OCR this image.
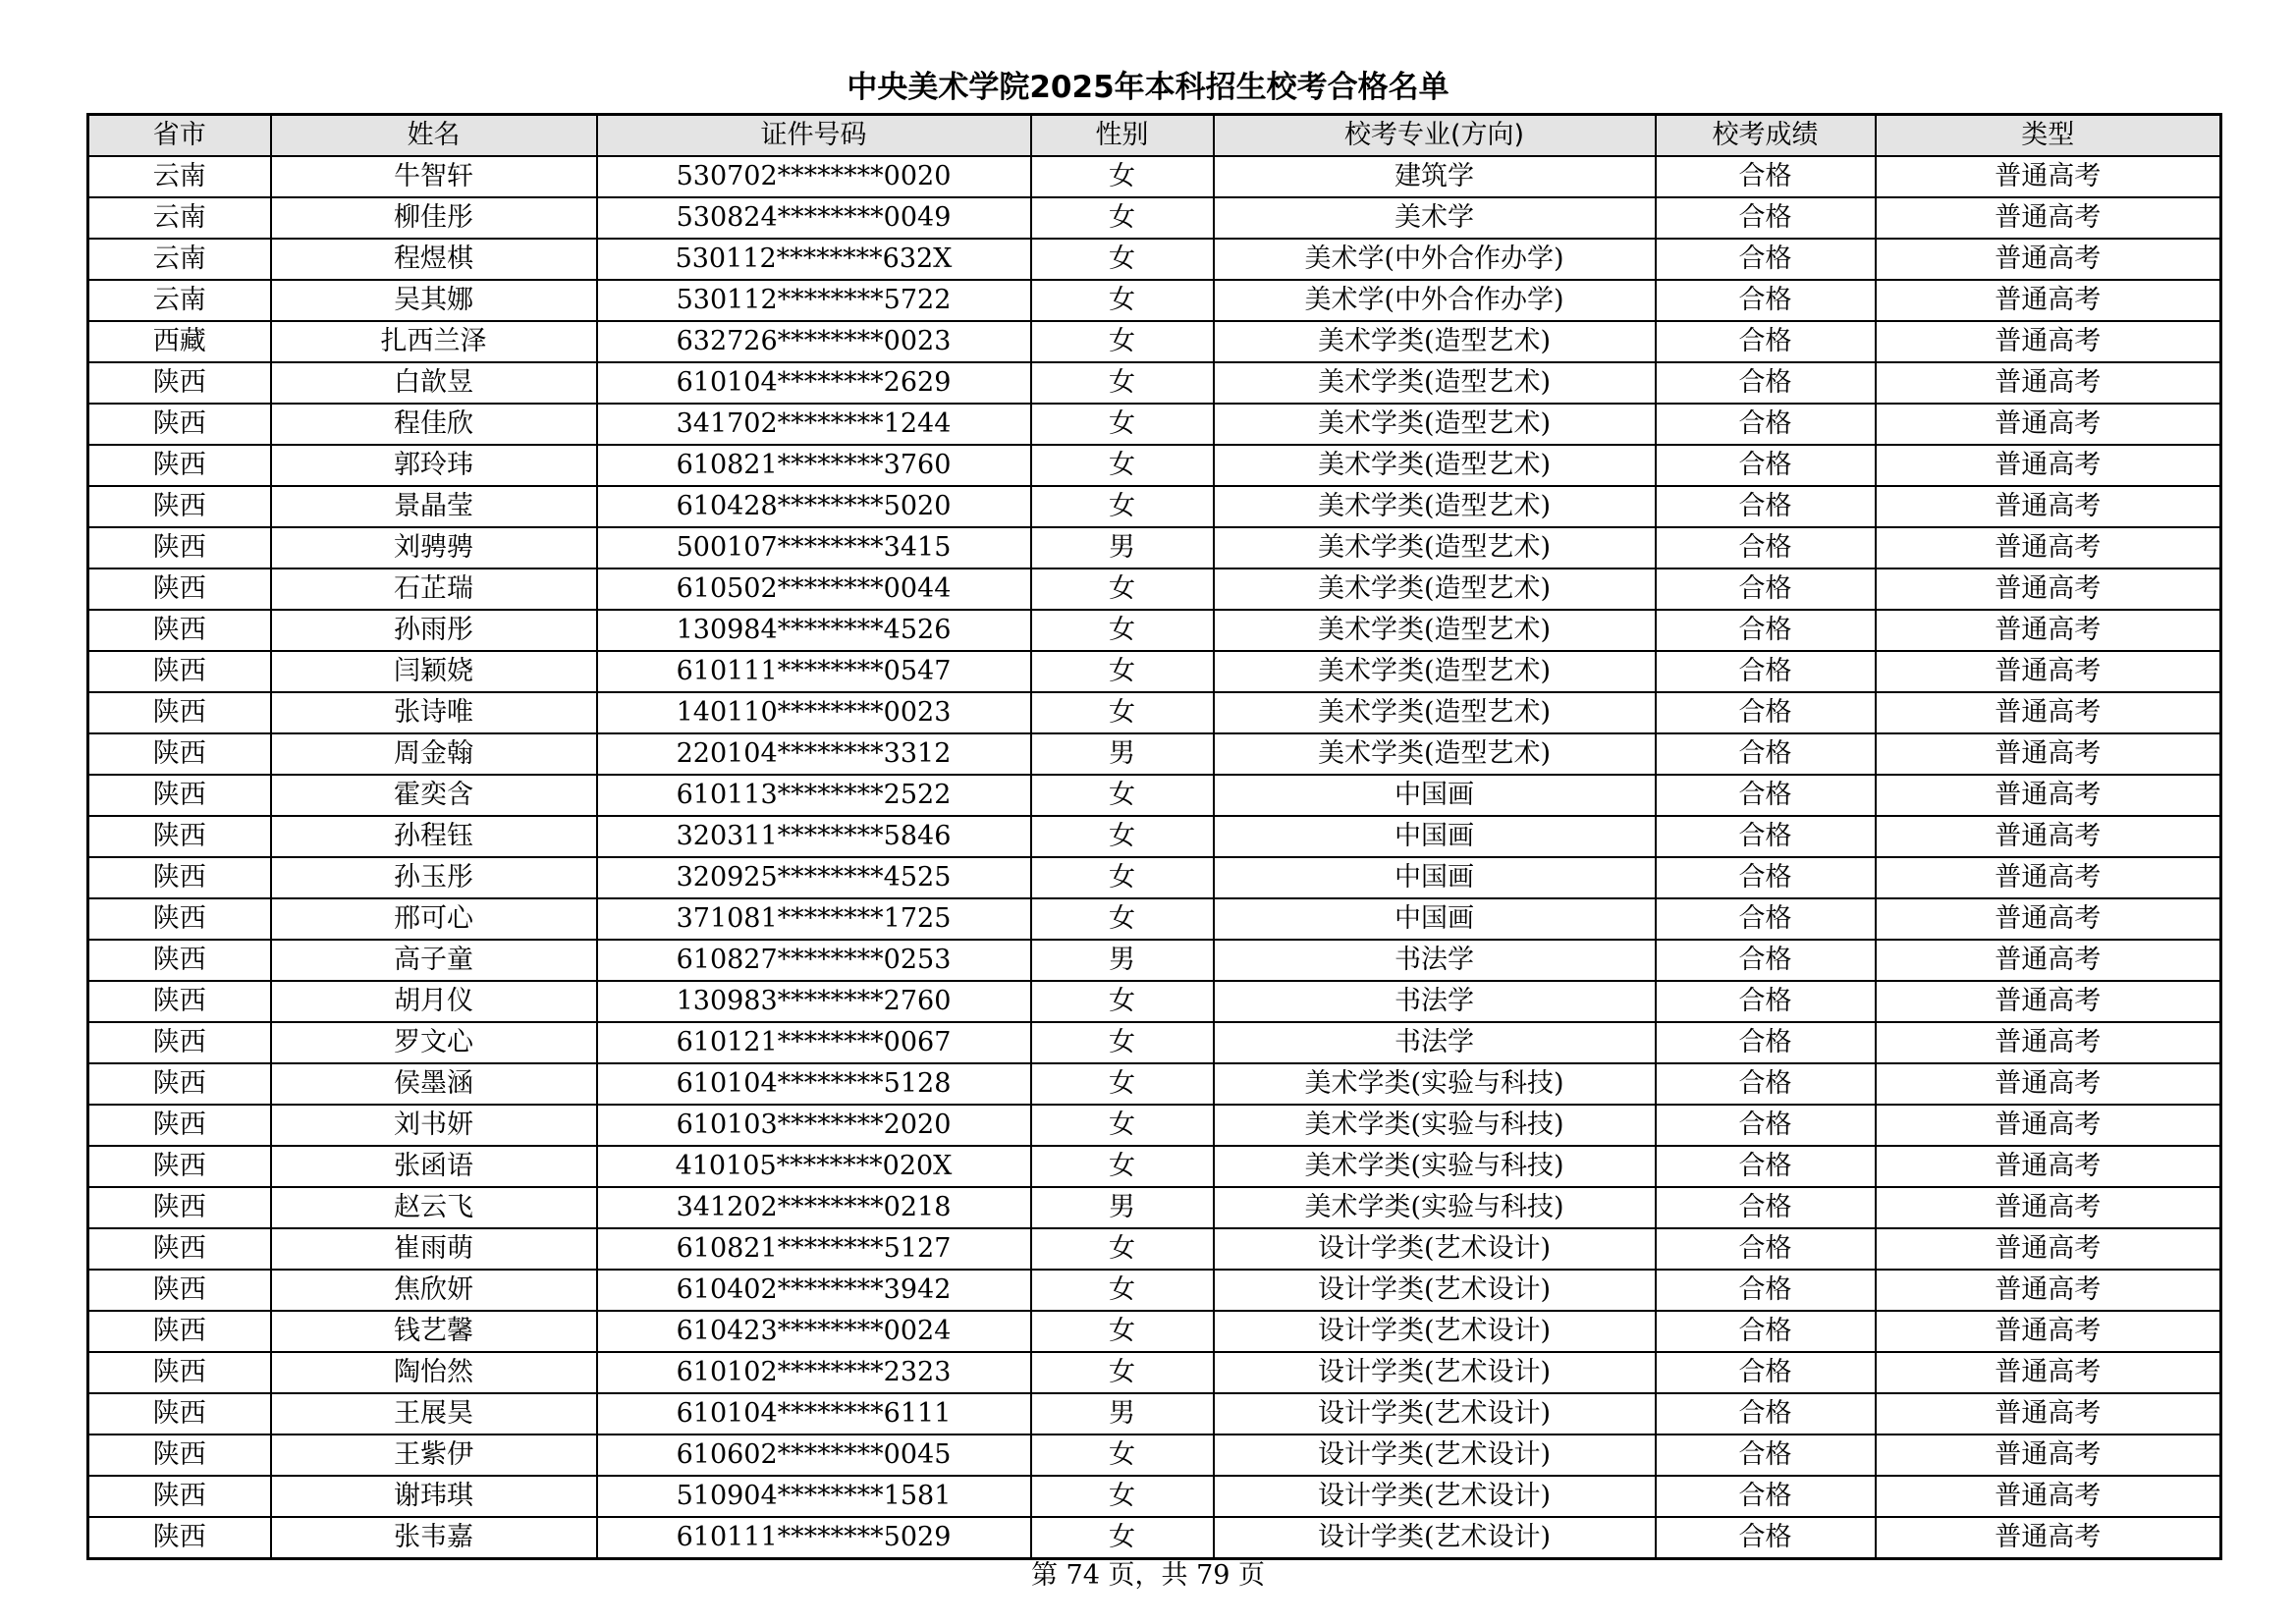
中央美术学院2025年本科招生校考合格名单
省市	姓名	证件号码	性别	校考专业(方向)	校考成绩	类型
云南	牛智轩	530702********0020	女	建筑学	合格	普通高考
云南	柳佳彤	530824********0049	女	美术学	合格	普通高考
云南	程煜棋	530112********632X	女	美术学(中外合作办学)	合格	普通高考
云南	吴其娜	530112********5722	女	美术学(中外合作办学)	合格	普通高考
西藏	扎西兰泽	632726********0023	女	美术学类(造型艺术)	合格	普通高考
陕西	白歆昱	610104********2629	女	美术学类(造型艺术)	合格	普通高考
陕西	程佳欣	341702********1244	女	美术学类(造型艺术)	合格	普通高考
陕西	郭玲玮	610821********3760	女	美术学类(造型艺术)	合格	普通高考
陕西	景晶莹	610428********5020	女	美术学类(造型艺术)	合格	普通高考
陕西	刘骋骋	500107********3415	男	美术学类(造型艺术)	合格	普通高考
陕西	石芷瑞	610502********0044	女	美术学类(造型艺术)	合格	普通高考
陕西	孙雨彤	130984********4526	女	美术学类(造型艺术)	合格	普通高考
陕西	闫颖娆	610111********0547	女	美术学类(造型艺术)	合格	普通高考
陕西	张诗唯	140110********0023	女	美术学类(造型艺术)	合格	普通高考
陕西	周金翰	220104********3312	男	美术学类(造型艺术)	合格	普通高考
陕西	霍奕含	610113********2522	女	中国画	合格	普通高考
陕西	孙程钰	320311********5846	女	中国画	合格	普通高考
陕西	孙玉彤	320925********4525	女	中国画	合格	普通高考
陕西	邢可心	371081********1725	女	中国画	合格	普通高考
陕西	高子童	610827********0253	男	书法学	合格	普通高考
陕西	胡月仪	130983********2760	女	书法学	合格	普通高考
陕西	罗文心	610121********0067	女	书法学	合格	普通高考
陕西	侯墨涵	610104********5128	女	美术学类(实验与科技)	合格	普通高考
陕西	刘书妍	610103********2020	女	美术学类(实验与科技)	合格	普通高考
陕西	张函语	410105********020X	女	美术学类(实验与科技)	合格	普通高考
陕西	赵云飞	341202********0218	男	美术学类(实验与科技)	合格	普通高考
陕西	崔雨萌	610821********5127	女	设计学类(艺术设计)	合格	普通高考
陕西	焦欣妍	610402********3942	女	设计学类(艺术设计)	合格	普通高考
陕西	钱艺馨	610423********0024	女	设计学类(艺术设计)	合格	普通高考
陕西	陶怡然	610102********2323	女	设计学类(艺术设计)	合格	普通高考
陕西	王展昊	610104********6111	男	设计学类(艺术设计)	合格	普通高考
陕西	王紫伊	610602********0045	女	设计学类(艺术设计)	合格	普通高考
陕西	谢玮琪	510904********1581	女	设计学类(艺术设计)	合格	普通高考
陕西	张韦嘉	610111********5029	女	设计学类(艺术设计)	合格	普通高考
第 74 页，共 79 页
